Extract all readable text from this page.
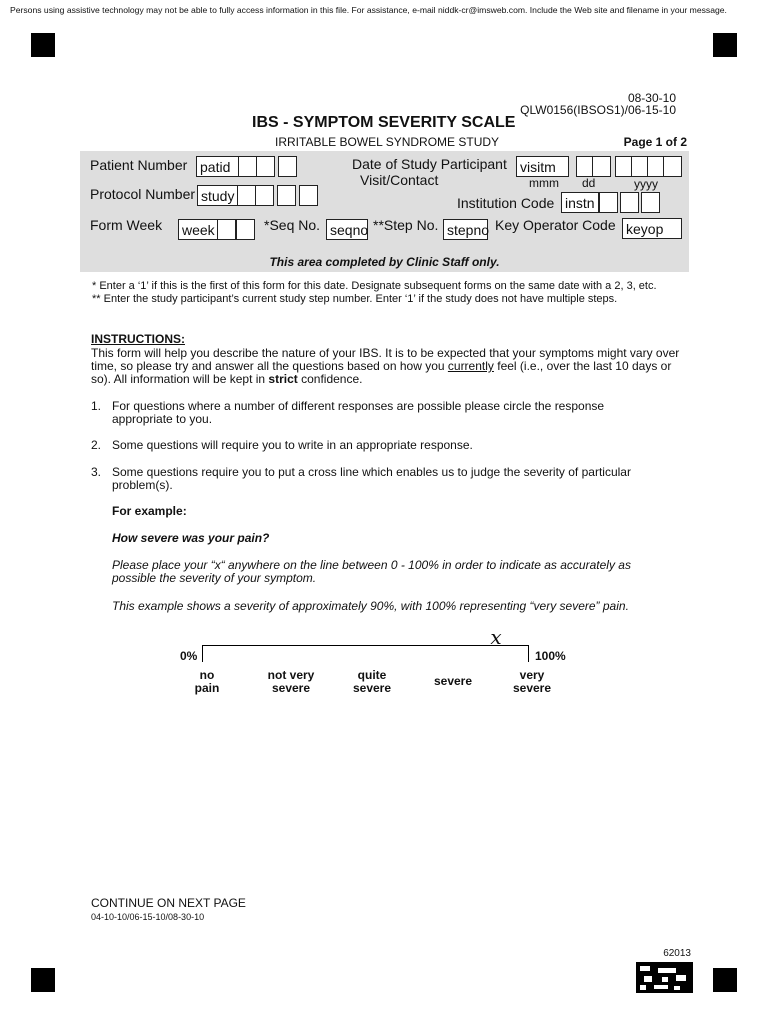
Persons using assistive technology may not be able to fully access information in this file. For assistance, e-mail niddk-cr@imsweb.com. Include the Web site and filename in your message.
08-30-10
QLW0156(IBSOS1)/06-15-10
IBS - SYMPTOM SEVERITY SCALE
IRRITABLE BOWEL SYNDROME STUDY	Page 1 of 2
Patient Number patid
Protocol Number study
Date of Study Participant
Visit/Contact
visitm
mmm dd	yyyy
Institution Code instn
Form Week week	*Seq No. seqno **Step No. stepno Key Operator Code keyop
This area completed by Clinic Staff only.
* Enter a ‘1’ if this is the first of this form for this date. Designate subsequent forms on the same date with a 2, 3, etc.
** Enter the study participant’s current study step number. Enter ‘1’ if the study does not have multiple steps.
INSTRUCTIONS:
This form will help you describe the nature of your IBS. It is to be expected that your symptoms might vary over time, so please try and answer all the questions based on how you currently feel (i.e., over the last 10 days or so). All information will be kept in strict confidence.
1. For questions where a number of different responses are possible please circle the response appropriate to you.
2. Some questions will require you to write in an appropriate response.
3. Some questions require you to put a cross line which enables us to judge the severity of particular problem(s).
For example:
How severe was your pain?
Please place your “x“ anywhere on the line between 0 - 100% in order to indicate as accurately as possible the severity of your symptom.
This example shows a severity of approximately 90%, with 100% representing “very severe” pain.
0%	100%
x
no
pain
not very
severe
quite
severe	severe	very
severe
CONTINUE ON NEXT PAGE
04-10-10/06-15-10/08-30-10
62013
